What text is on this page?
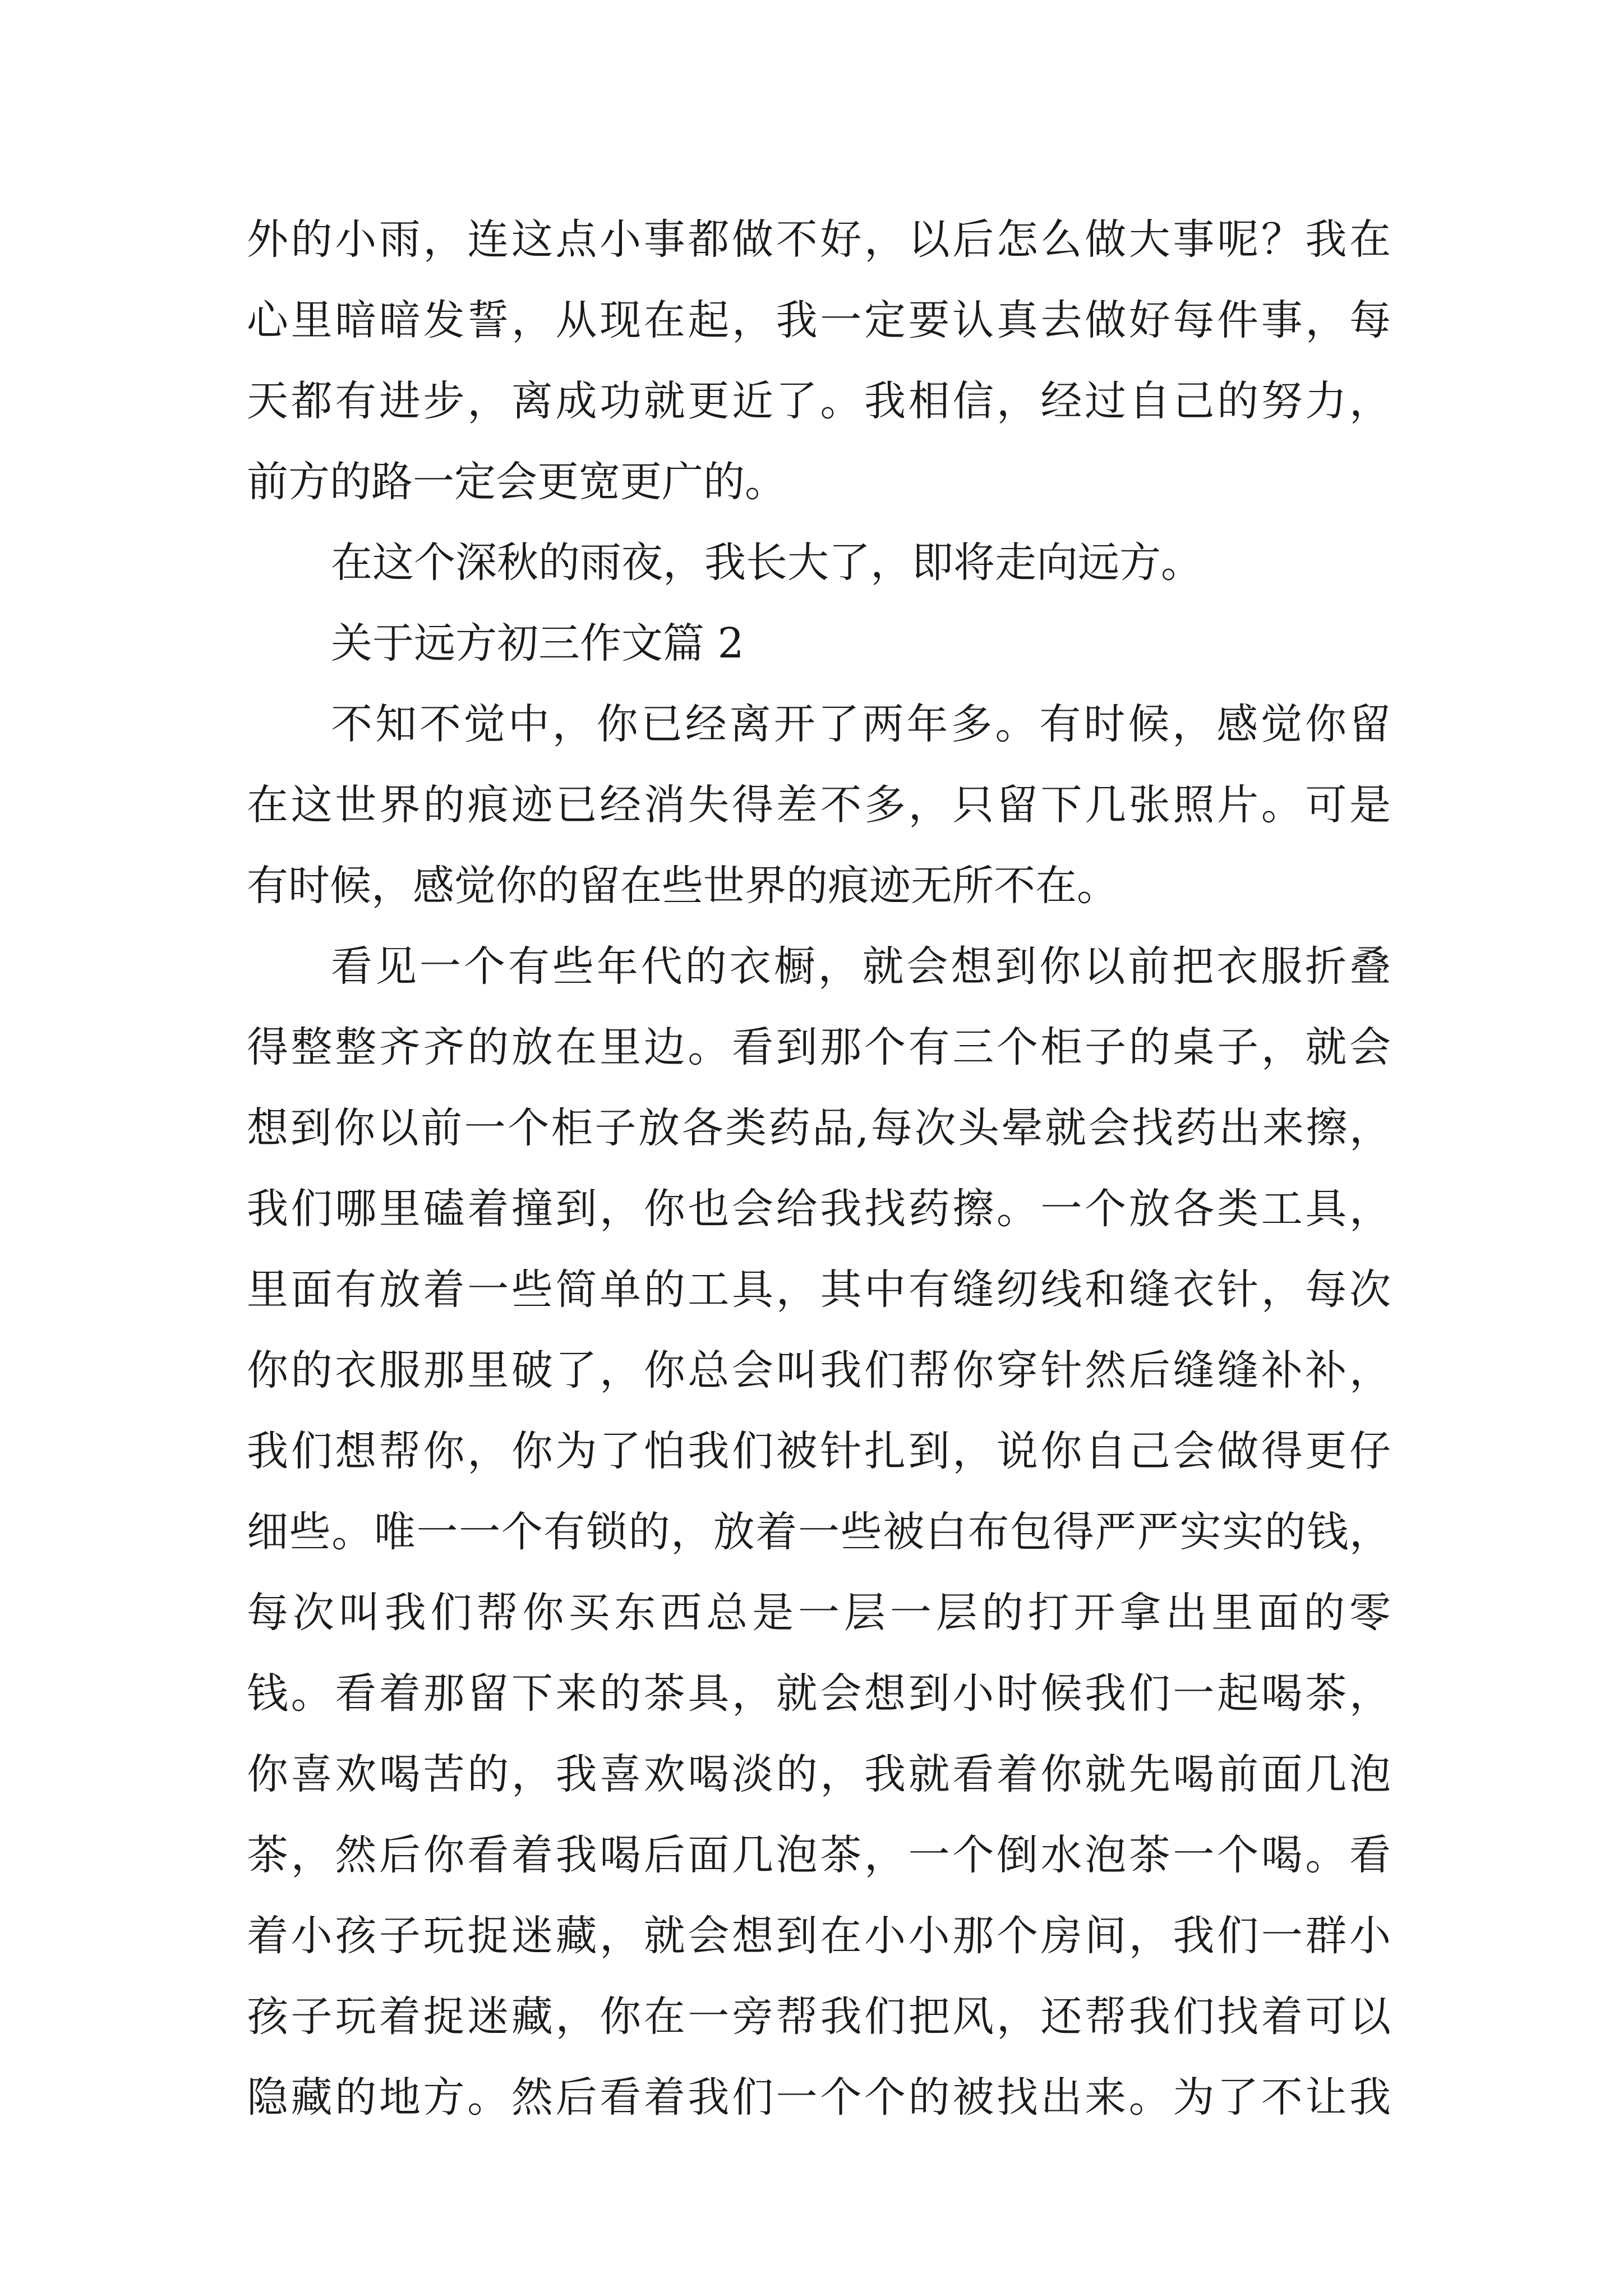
外的小雨，连这点小事都做不好，以后怎么做大事呢？我在
心里暗暗发誓，从现在起，我一定要认真去做好每件事，每
天都有进步，离成功就更近了。我相信，经过自己的努力，
前方的路一定会更宽更广的。
在这个深秋的雨夜，我长大了，即将走向远方。
关于远方初三作文篇 2
不知不觉中，你已经离开了两年多。有时候，感觉你留
在这世界的痕迹已经消失得差不多，只留下几张照片。可是
有时候，感觉你的留在些世界的痕迹无所不在。
看见一个有些年代的衣橱，就会想到你以前把衣服折叠
得整整齐齐的放在里边。看到那个有三个柜子的桌子，就会
想到你以前一个柜子放各类药品,每次头晕就会找药出来擦，
我们哪里磕着撞到，你也会给我找药擦。一个放各类工具，
里面有放着一些简单的工具，其中有缝纫线和缝衣针，每次
你的衣服那里破了，你总会叫我们帮你穿针然后缝缝补补，
我们想帮你，你为了怕我们被针扎到，说你自己会做得更仔
细些。唯一一个有锁的，放着一些被白布包得严严实实的钱，
每次叫我们帮你买东西总是一层一层的打开拿出里面的零
钱。看着那留下来的茶具，就会想到小时候我们一起喝茶，
你喜欢喝苦的，我喜欢喝淡的，我就看着你就先喝前面几泡
茶，然后你看着我喝后面几泡茶，一个倒水泡茶一个喝。看
着小孩子玩捉迷藏，就会想到在小小那个房间，我们一群小
孩子玩着捉迷藏，你在一旁帮我们把风，还帮我们找着可以
隐藏的地方。然后看着我们一个个的被找出来。为了不让我
